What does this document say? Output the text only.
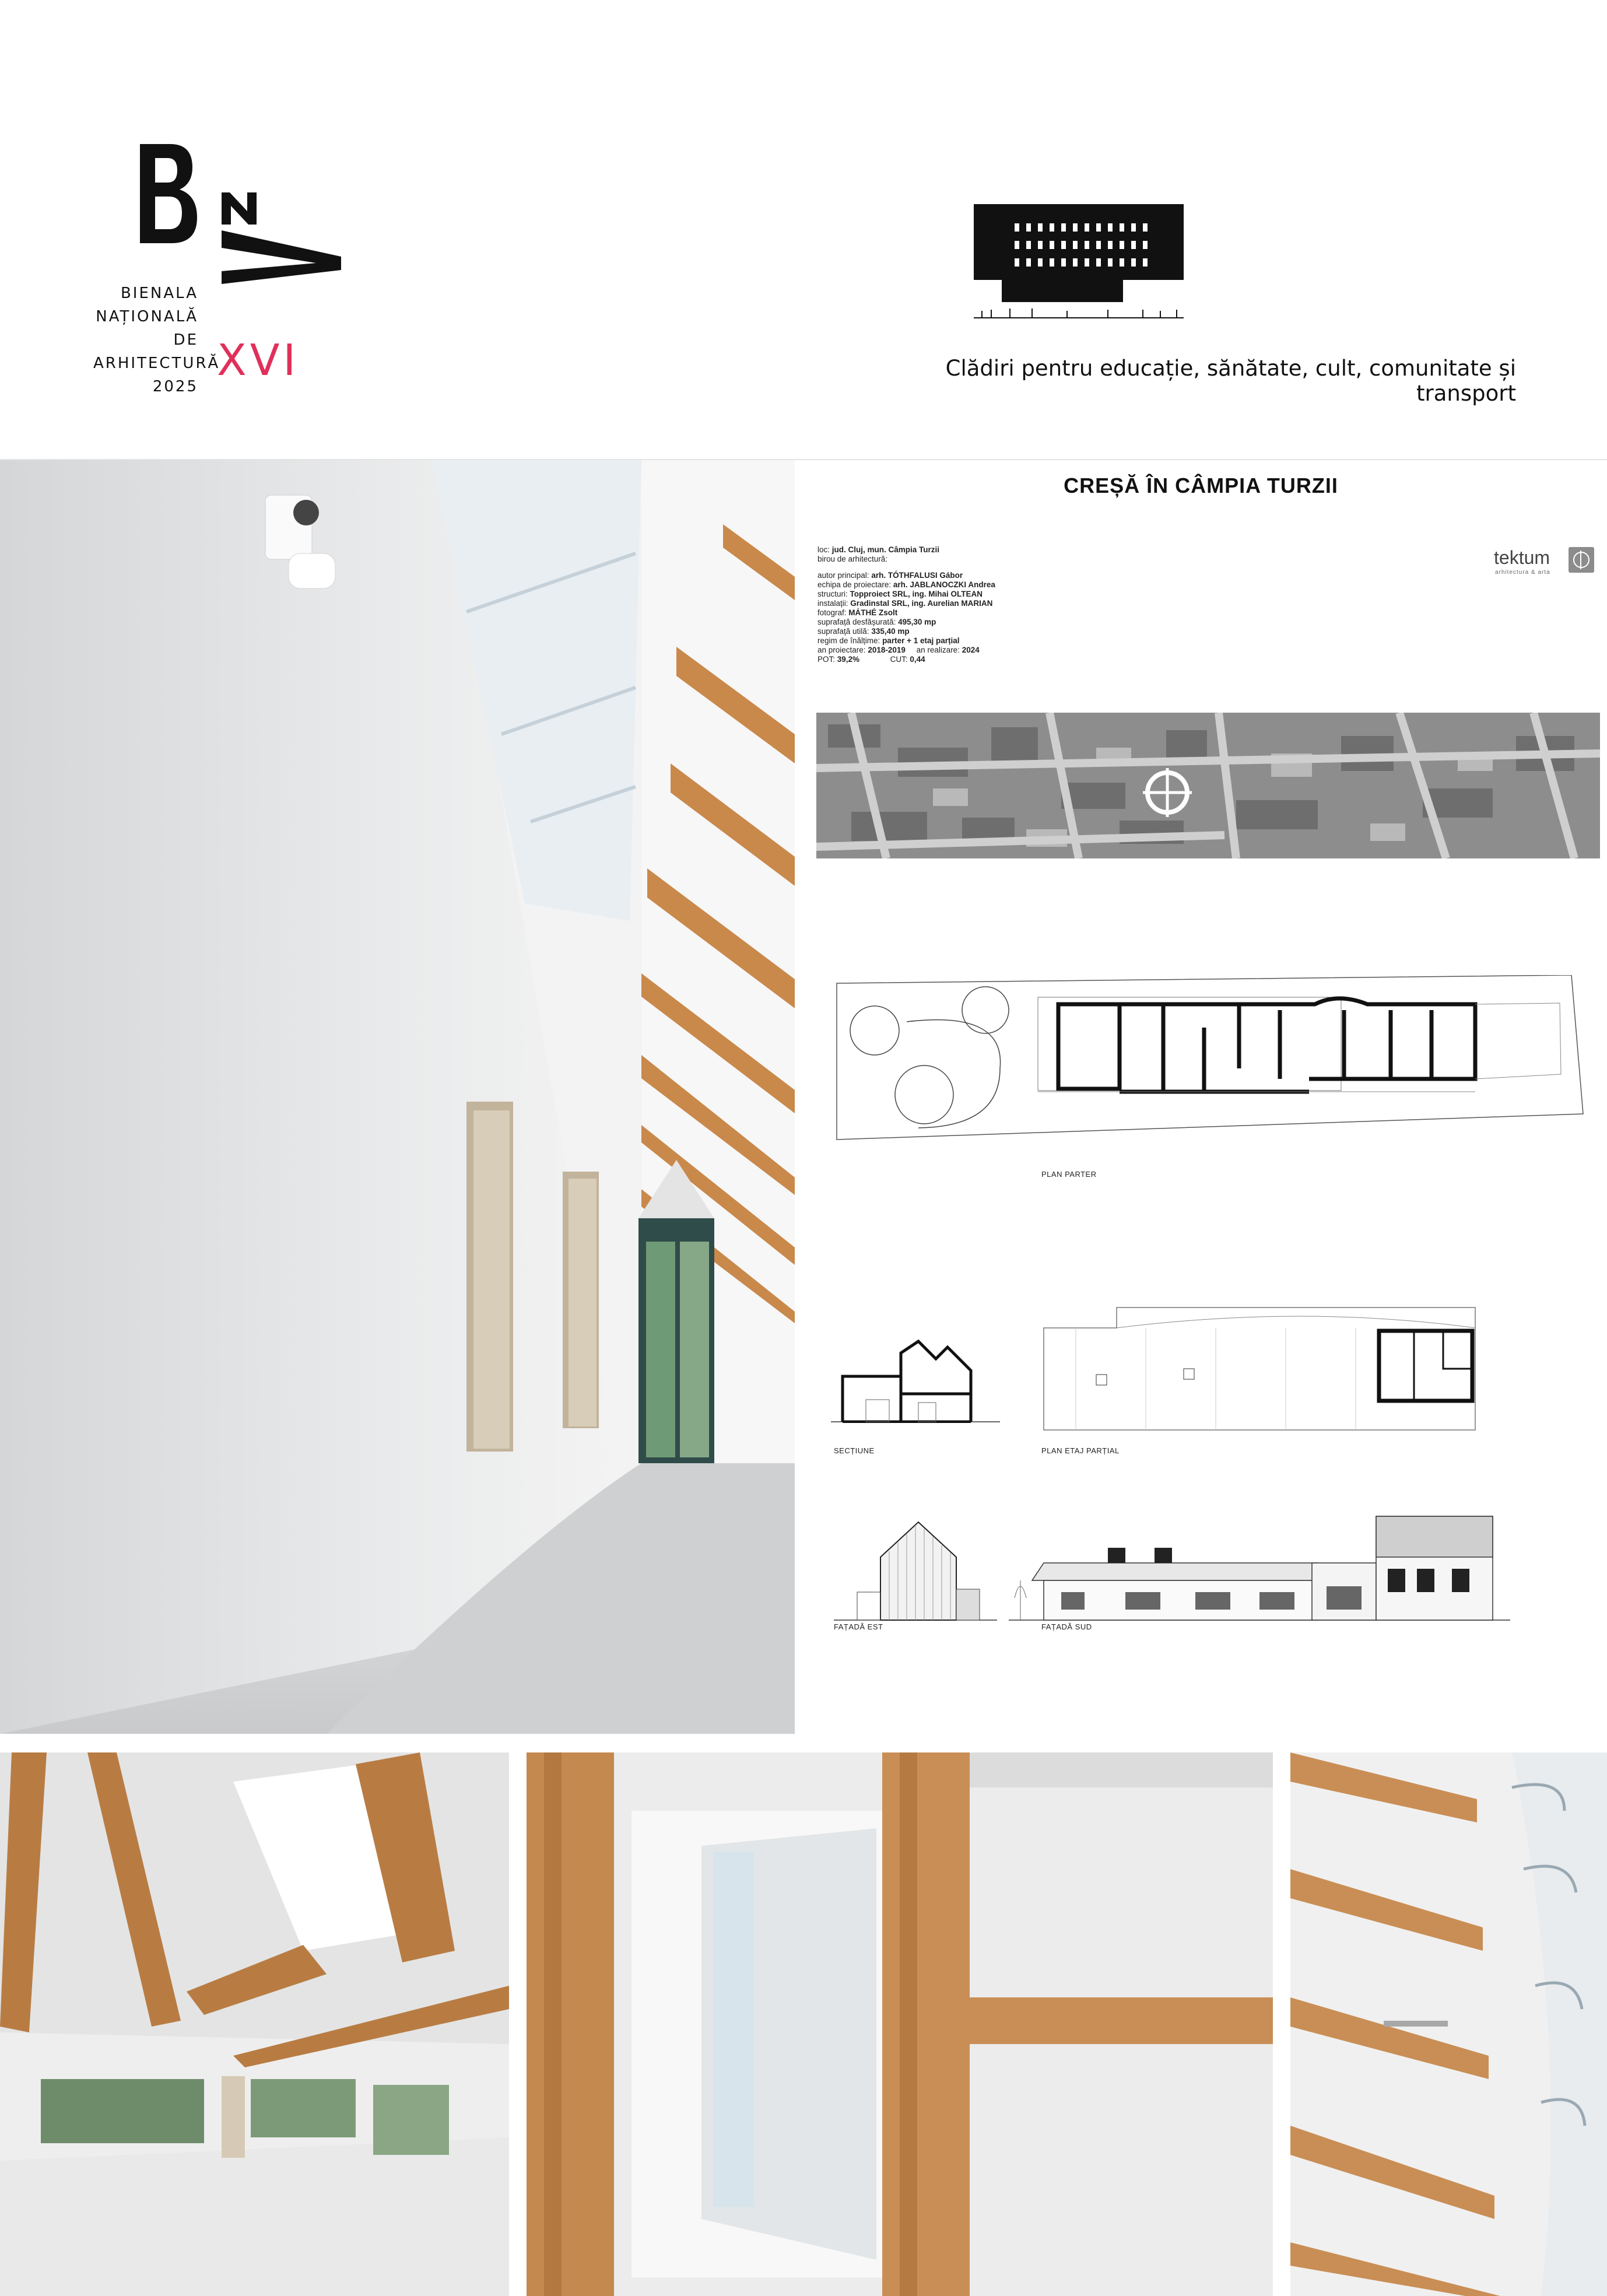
BIENALA
NAȚIONALĂ
DE
ARHITECTURĂ
2025
XVI	Clădiri pentru educație, sănătate, cult, comunitate și transport
CREȘĂ ÎN CÂMPIA TURZII
loc: jud. Cluj, mun. Câmpia Turzii
birou de arhitectură:
autor principal: arh. TÓTHFALUSI Gábor
echipa de proiectare: arh. JABLANOCZKI Andrea
structuri: Topproiect SRL, ing. Mihai OLTEAN
instalații: Gradinstal SRL, ing. Aurelian MARIAN
fotograf: MÁTHÉ Zsolt
suprafață desfășurată: 495,30 mp
suprafață utilă: 335,40 mp
regim de înălțime: parter + 1 etaj parțial
an proiectare: 2018-2019 an realizare: 2024
POT: 39,2%	CUT: 0,44
tektum
arhitectura & arta
PLAN PARTER
SECȚIUNE	PLAN ETAJ PARȚIAL
FAȚADĂ EST	FAȚADĂ SUD
